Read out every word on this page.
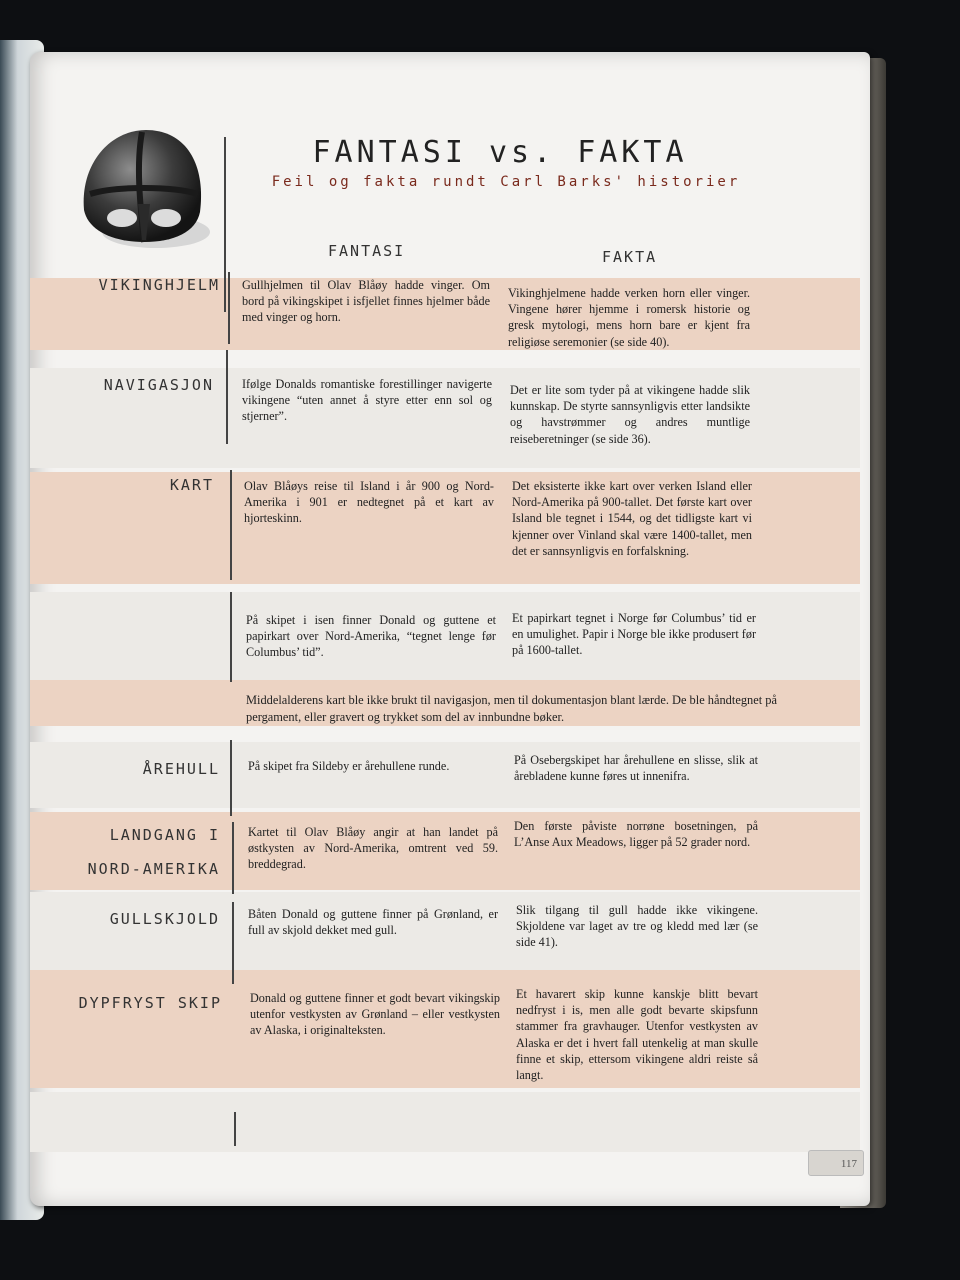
FANTASI vs. FAKTA
Feil og fakta rundt Carl Barks' historier
FANTASI	FAKTA
VIKINGHJELM Gullhjelmen til Olav Blåøy hadde vinger. Om bord på vikingskipet i isfjellet finnes hjelmer både med vinger og horn.
Vikinghjelmene hadde verken horn eller vinger. Vingene hører hjemme i romersk historie og gresk mytologi, mens horn bare er kjent fra religiøse seremonier (se side 40).
NAVIGASJON Ifølge Donalds romantiske forestillinger navigerte vikingene “uten annet å styre etter enn sol og stjerner”.
Det er lite som tyder på at vikingene hadde slik kunnskap. De styrte sannsynligvis etter landsikte og havstrømmer og andres muntlige reiseberetninger (se side 36).
KART Olav Blåøys reise til Island i år 900 og Nord-Amerika i 901 er nedtegnet på et kart av hjorteskinn.
Det eksisterte ikke kart over verken Island eller Nord-Amerika på 900-tallet. Det første kart over Island ble tegnet i 1544, og det tidligste kart vi kjenner over Vinland skal være 1400-tallet, men det er sannsynligvis en forfalskning.
På skipet i isen finner Donald og guttene et papirkart over Nord-Amerika, “tegnet lenge før Columbus’ tid”.
Et papirkart tegnet i Norge før Columbus’ tid er en umulighet. Papir i Norge ble ikke produsert før på 1600-tallet.
Middelalderens kart ble ikke brukt til navigasjon, men til dokumentasjon blant lærde. De ble håndtegnet på pergament, eller gravert og trykket som del av innbundne bøker.
ÅREHULL På skipet fra Sildeby er årehullene runde.	På Osebergskipet har årehullene en slisse, slik at årebladene kunne føres ut innenifra.
LANDGANG I
NORD-AMERIKA
Kartet til Olav Blåøy angir at han landet på østkysten av Nord-Amerika, omtrent ved 59. breddegrad.
Den første påviste norrøne bosetningen, på L’Anse Aux Meadows, ligger på 52 grader nord.
GULLSKJOLD Båten Donald og guttene finner på Grønland, er full av skjold dekket med gull.
Slik tilgang til gull hadde ikke vikingene. Skjoldene var laget av tre og kledd med lær (se side 41).
DYPFRYST SKIP Donald og guttene finner et godt bevart vikingskip utenfor vestkysten av Grønland – eller vestkysten av Alaska, i originalteksten.
Et havarert skip kunne kanskje blitt bevart nedfryst i is, men alle godt bevarte skipsfunn stammer fra gravhauger. Utenfor vestkysten av Alaska er det i hvert fall utenkelig at man skulle finne et skip, ettersom vikingene aldri reiste så langt.
117
